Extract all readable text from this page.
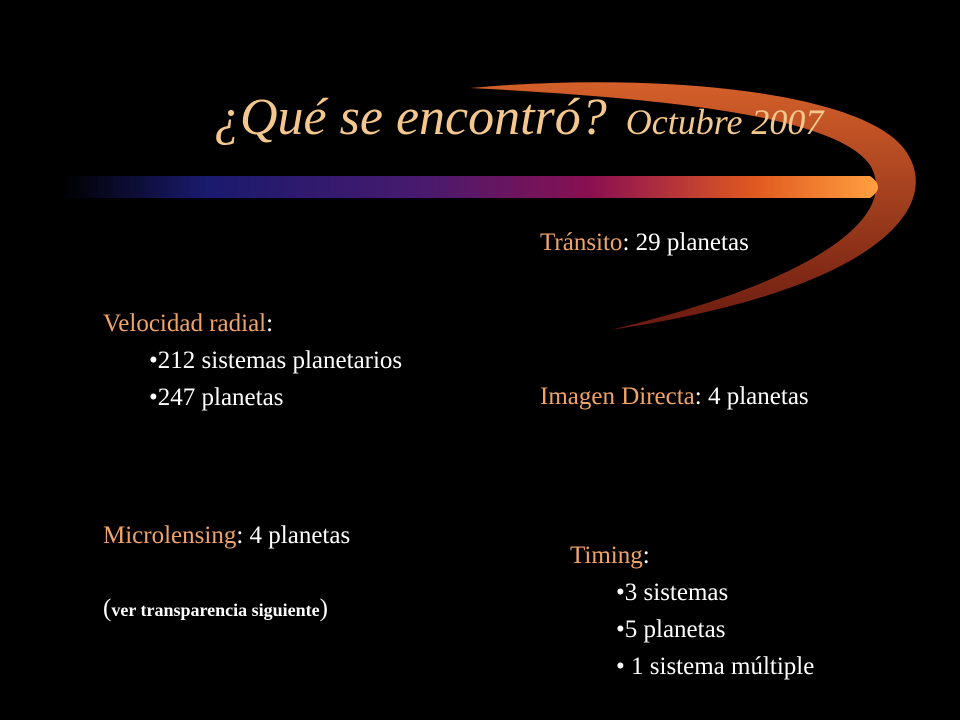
¿Qué se encontró? Octubre 2007
Tránsito: 29 planetas
Velocidad radial:
•212 sistemas planetarios
•247 planetas	Imagen Directa: 4 planetas
Microlensing: 4 planetas
(ver transparencia siguiente)
Timing:
•3 sistemas
•5 planetas
• 1 sistema múltiple
